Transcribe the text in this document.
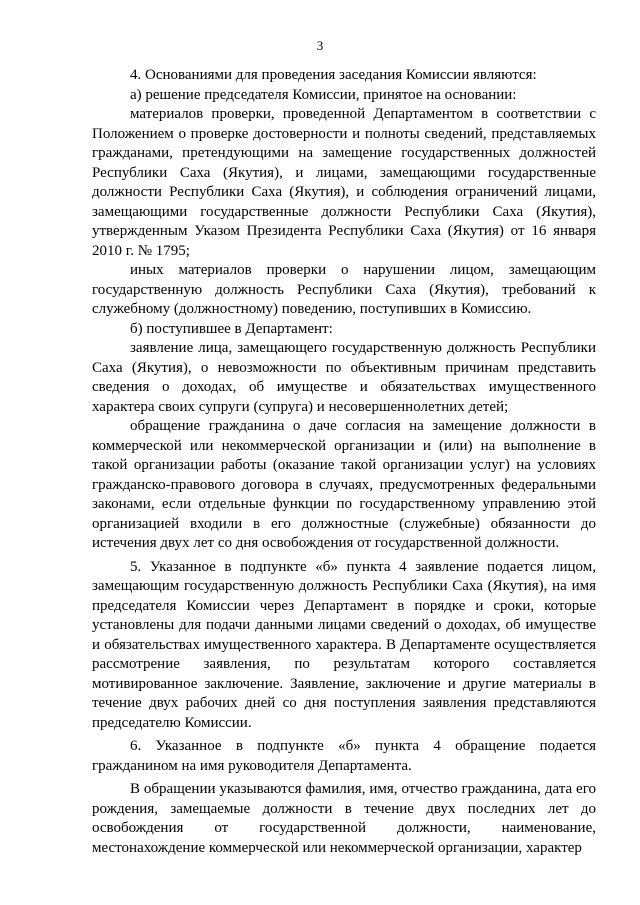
3

4. Основаниями для проведения заседания Комиссии являются:

а) решение председателя Комиссии, принятое на основании:

материалов проверки, проведенной Департаментом в соответствии с Положением о проверке достоверности и полноты сведений, представляемых гражданами, претендующими на замещение государственных должностей Республики Саха (Якутия), и лицами, замещающими государственные должности Республики Саха (Якутия), и соблюдения ограничений лицами, замещающими государственные должности Республики Саха (Якутия), утвержденным Указом Президента Республики Саха (Якутия) от 16 января 2010 г. № 1795;

иных материалов проверки о нарушении лицом, замещающим государственную должность Республики Саха (Якутия), требований к служебному (должностному) поведению, поступивших в Комиссию.

б) поступившее в Департамент:

заявление лица, замещающего государственную должность Республики Саха (Якутия), о невозможности по объективным причинам представить сведения о доходах, об имуществе и обязательствах имущественного характера своих супруги (супруга) и несовершеннолетних детей;

обращение гражданина о даче согласия на замещение должности в коммерческой или некоммерческой организации и (или) на выполнение в такой организации работы (оказание такой организации услуг) на условиях гражданско-правового договора в случаях, предусмотренных федеральными законами, если отдельные функции по государственному управлению этой организацией входили в его должностные (служебные) обязанности до истечения двух лет со дня освобождения от государственной должности.

5. Указанное в подпункте «б» пункта 4 заявление подается лицом, замещающим государственную должность Республики Саха (Якутия), на имя председателя Комиссии через Департамент в порядке и сроки, которые установлены для подачи данными лицами сведений о доходах, об имуществе и обязательствах имущественного характера. В Департаменте осуществляется рассмотрение заявления, по результатам которого составляется мотивированное заключение. Заявление, заключение и другие материалы в течение двух рабочих дней со дня поступления заявления представляются председателю Комиссии.

6. Указанное в подпункте «б» пункта 4 обращение подается гражданином на имя руководителя Департамента.

В обращении указываются фамилия, имя, отчество гражданина, дата его рождения, замещаемые должности в течение двух последних лет до освобождения от государственной должности, наименование, местонахождение коммерческой или некоммерческой организации, характер
